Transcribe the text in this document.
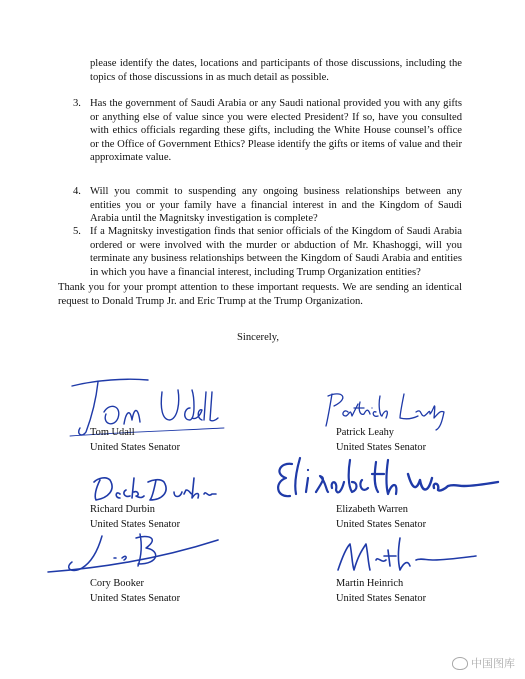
please identify the dates, locations and participants of those discussions, including the topics of those discussions in as much detail as possible.
3. Has the government of Saudi Arabia or any Saudi national provided you with any gifts or anything else of value since you were elected President? If so, have you consulted with ethics officials regarding these gifts, including the White House counsel’s office or the Office of Government Ethics? Please identify the gifts or items of value and their approximate value.
4. Will you commit to suspending any ongoing business relationships between any entities you or your family have a financial interest in and the Kingdom of Saudi Arabia until the Magnitsky investigation is complete?
5. If a Magnitsky investigation finds that senior officials of the Kingdom of Saudi Arabia ordered or were involved with the murder or abduction of Mr. Khashoggi, will you terminate any business relationships between the Kingdom of Saudi Arabia and entities in which you have a financial interest, including Trump Organization entities?
Thank you for your prompt attention to these important requests. We are sending an identical request to Donald Trump Jr. and Eric Trump at the Trump Organization.
Sincerely,
Tom Udall
United States Senator
Patrick Leahy
United States Senator
Richard Durbin
United States Senator
Elizabeth Warren
United States Senator
Cory Booker
United States Senator
Martin Heinrich
United States Senator
中国图库
